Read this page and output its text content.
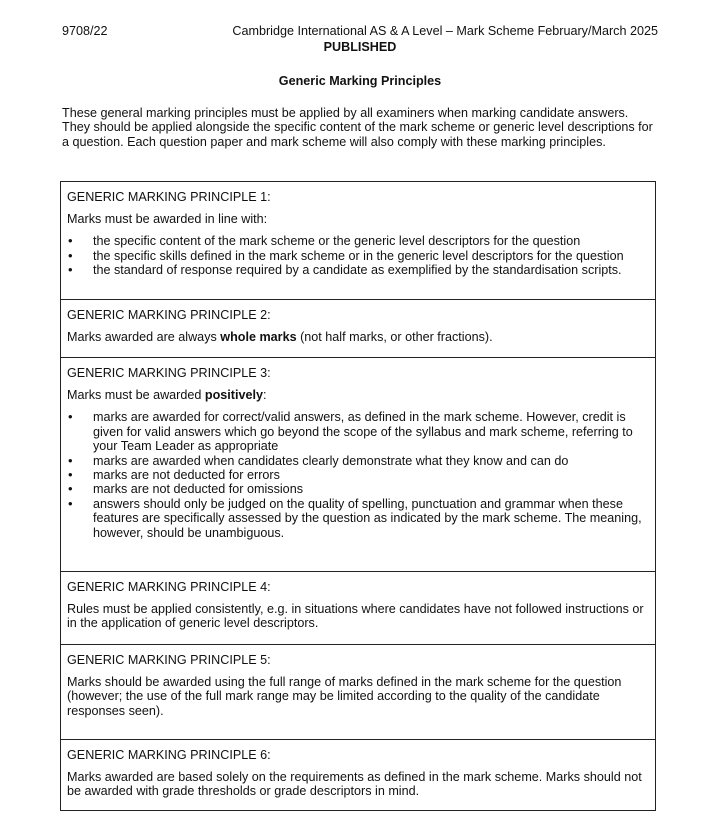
9708/22	Cambridge International AS & A Level – Mark Scheme February/March 2025
PUBLISHED
Generic Marking Principles

These general marking principles must be applied by all examiners when marking candidate answers. They should be applied alongside the specific content of the mark scheme or generic level descriptions for a question. Each question paper and mark scheme will also comply with these marking principles.

GENERIC MARKING PRINCIPLE 1:

Marks must be awarded in line with:

• the specific content of the mark scheme or the generic level descriptors for the question
• the specific skills defined in the mark scheme or in the generic level descriptors for the question
• the standard of response required by a candidate as exemplified by the standardisation scripts.

GENERIC MARKING PRINCIPLE 2:

Marks awarded are always whole marks (not half marks, or other fractions).

GENERIC MARKING PRINCIPLE 3:

Marks must be awarded positively:

• marks are awarded for correct/valid answers, as defined in the mark scheme. However, credit is given for valid answers which go beyond the scope of the syllabus and mark scheme, referring to your Team Leader as appropriate
• marks are awarded when candidates clearly demonstrate what they know and can do
• marks are not deducted for errors
• marks are not deducted for omissions
• answers should only be judged on the quality of spelling, punctuation and grammar when these features are specifically assessed by the question as indicated by the mark scheme. The meaning, however, should be unambiguous.

GENERIC MARKING PRINCIPLE 4:

Rules must be applied consistently, e.g. in situations where candidates have not followed instructions or in the application of generic level descriptors.

GENERIC MARKING PRINCIPLE 5:

Marks should be awarded using the full range of marks defined in the mark scheme for the question (however; the use of the full mark range may be limited according to the quality of the candidate responses seen).

GENERIC MARKING PRINCIPLE 6:

Marks awarded are based solely on the requirements as defined in the mark scheme. Marks should not be awarded with grade thresholds or grade descriptors in mind.
